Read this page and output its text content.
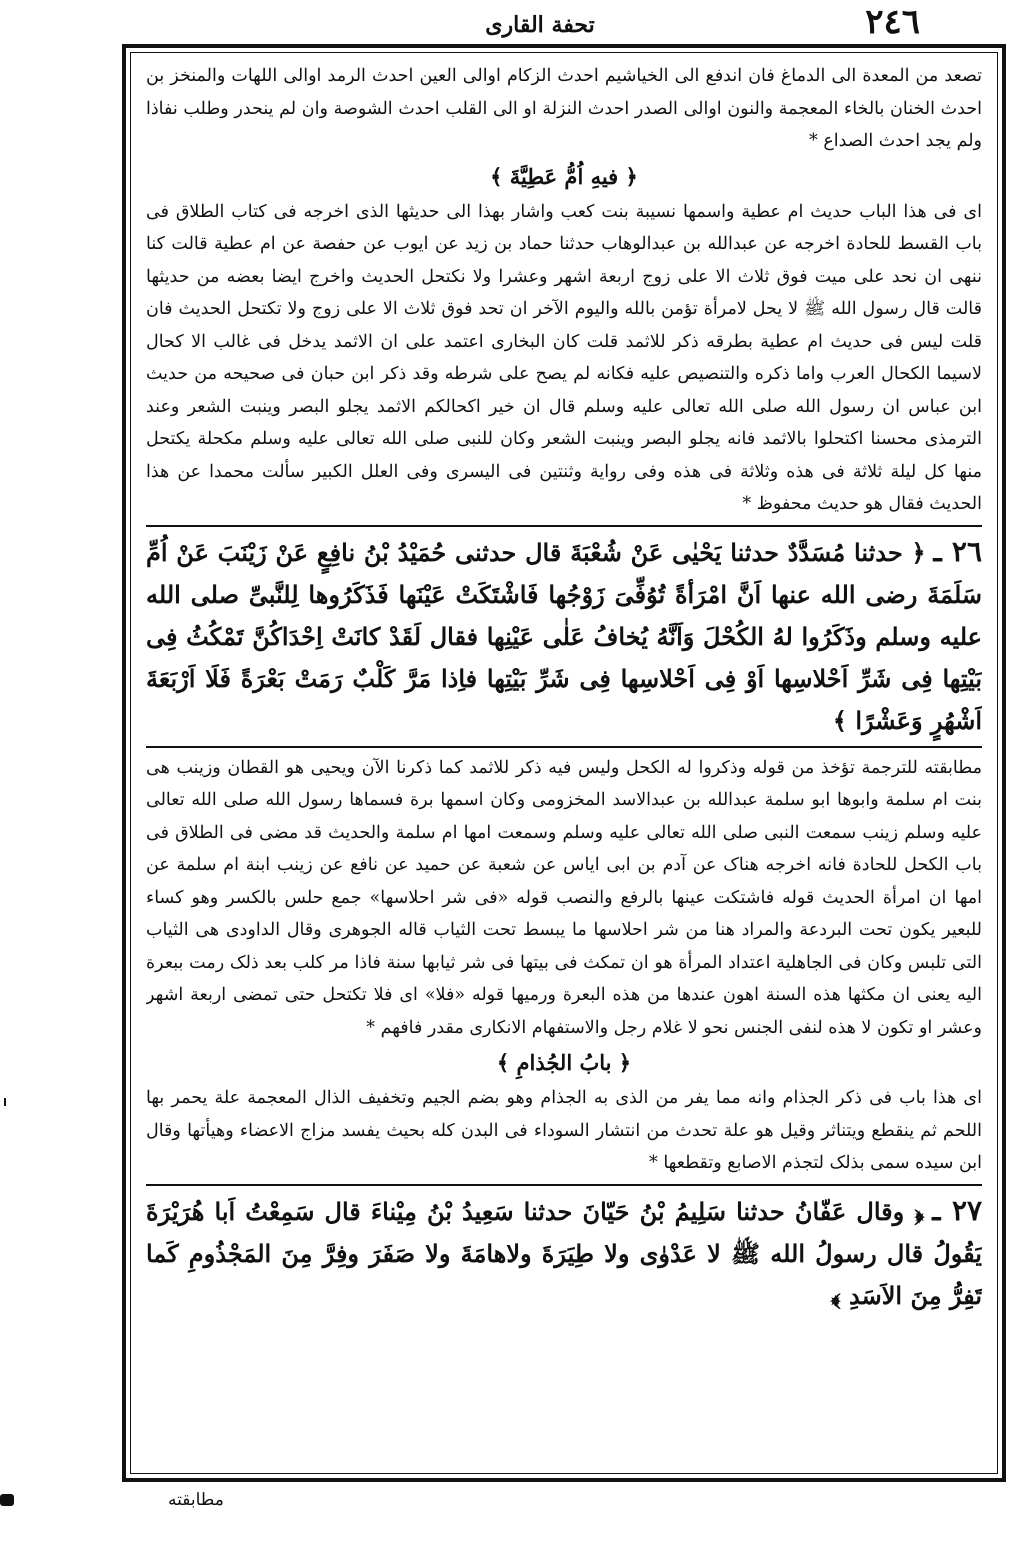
٢٤٦
تحفة القاری

تصعد من المعدة الی الدماغ فان اندفع الی الخیاشیم احدث الزکام اوالی العین احدث الرمد اوالی اللهات والمنخز بن احدث الخنان بالخاء المعجمة والنون اوالی الصدر احدث النزلة او الی القلب احدث الشوصة وان لم ینحدر وطلب نفاذا ولم یجد احدث الصداع *

﴿ فیهِ اُمُّ عَطِیَّةَ ﴾

ای فی هذا الباب حدیث ام عطیة واسمها نسیبة بنت کعب واشار بهذا الی حدیثها الذی اخرجه فی کتاب الطلاق فی باب القسط للحادة اخرجه عن عبدالله بن عبدالوهاب حدثنا حماد بن زید عن ایوب عن حفصة عن ام عطیة قالت کنا ننهی ان نحد علی میت فوق ثلاث الا علی زوج اربعة اشهر وعشرا ولا نکتحل الحدیث واخرج ایضا بعضه من حدیثها قالت قال رسول الله ﷺ لا یحل لامرأة تؤمن بالله والیوم الآخر ان تحد فوق ثلاث الا علی زوج ولا تکتحل الحدیث فان قلت لیس فی حدیث ام عطیة بطرقه ذکر للاثمد قلت کان البخاری اعتمد علی ان الاثمد یدخل فی غالب الا کحال لاسیما الکحال العرب واما ذکره والتنصیص علیه فکانه لم یصح علی شرطه وقد ذکر ابن حبان فی صحیحه من حدیث ابن عباس ان رسول الله صلی الله تعالی علیه وسلم قال ان خیر اکحالکم الاثمد یجلو البصر وینبت الشعر وعند الترمذی محسنا اکتحلوا بالاثمد فانه یجلو البصر وینبت الشعر وکان للنبی صلی الله تعالی علیه وسلم مکحلة یکتحل منها کل لیلة ثلاثة فی هذه وثلاثة فی هذه وفی روایة وثنتین فی الیسری وفی العلل الکبیر سألت محمدا عن هذا الحدیث فقال هو حدیث محفوظ *

٢٦ ـ﴿ حدثنا مُسَدَّدٌ حدثنا یَحْیٰی عَنْ شُعْبَةَ قال حدثنی حُمَیْدُ بْنُ نافِعٍ عَنْ زَیْنَبَ عَنْ اُمِّ سَلَمَةَ رضی الله عنها اَنَّ امْرَأةً تُوُفِّیَ زَوْجُها فَاشْتَکَتْ عَیْنَها فَذَکَرُوها لِلنَّبیِّ صلی الله علیه وسلم وذَکَرُوا لهُ الکُحْلَ وَاَنَّهُ یُخافُ عَلٰی عَیْنِها فقال لَقَدْ کانَتْ اِحْدَاکُنَّ تَمْکُثُ فِی بَیْتِها فِی شَرِّ اَحْلاسِها اَوْ فِی اَحْلاسِها فِی شَرِّ بَیْتِها فاِذا مَرَّ کَلْبٌ رَمَتْ بَعْرَةً فَلَا اَرْبَعَةَ اَشْهُرٍ وَعَشْرًا ﴾

مطابقته للترجمة تؤخذ من قوله وذکروا له الکحل ولیس فیه ذکر للاثمد کما ذکرنا الآن ویحیی هو القطان وزینب هی بنت ام سلمة وابوها ابو سلمة عبدالله بن عبدالاسد المخزومی وکان اسمها برة فسماها رسول الله صلی الله تعالی علیه وسلم زینب سمعت النبی صلی الله تعالی علیه وسلم وسمعت امها ام سلمة والحدیث قد مضی فی الطلاق فی باب الکحل للحادة فانه اخرجه هناک عن آدم بن ابی ایاس عن شعبة عن حمید عن نافع عن زینب ابنة ام سلمة عن امها ان امرأة الحدیث قوله فاشتکت عینها بالرفع والنصب قوله «فی شر احلاسها» جمع حلس بالکسر وهو کساء للبعیر یکون تحت البردعة والمراد هنا من شر احلاسها ما یبسط تحت الثیاب قاله الجوهری وقال الداودی هی الثیاب التی تلبس وکان فی الجاهلیة اعتداد المرأة هو ان تمکث فی بیتها فی شر ثیابها سنة فاذا مر کلب بعد ذلک رمت ببعرة الیه یعنی ان مکثها هذه السنة اهون عندها من هذه البعرة ورمیها قوله «فلا» ای فلا تکتحل حتی تمضی اربعة اشهر وعشر او تکون لا هذه لنفی الجنس نحو لا غلام رجل والاستفهام الانکاری مقدر فافهم *

﴿ بابُ الجُذامِ ﴾

ای هذا باب فی ذکر الجذام وانه مما یفر من الذی به الجذام وهو بضم الجیم وتخفیف الذال المعجمة علة یحمر بها اللحم ثم ینقطع ویتناثر وقیل هو علة تحدث من انتشار السوداء فی البدن کله بحیث یفسد مزاج الاعضاء وهیأتها وقال ابن سیده سمی بذلک لتجذم الاصابع وتقطعها *

٢٧ ـ﴿ وقال عَفّانُ حدثنا سَلِیمُ بْنُ حَیّانَ حدثنا سَعِیدُ بْنُ مِیْناءَ قال سَمِعْتُ اَبا هُرَیْرَةَ یَقُولُ قال رسولُ الله ﷺ لا عَدْوٰی ولا طِیَرَةَ ولاهامَةَ ولا صَفَرَ وفِرَّ مِنَ المَجْذُومِ کَما تَفِرُّ مِنَ الاَسَدِ ﴾

مطابقته
